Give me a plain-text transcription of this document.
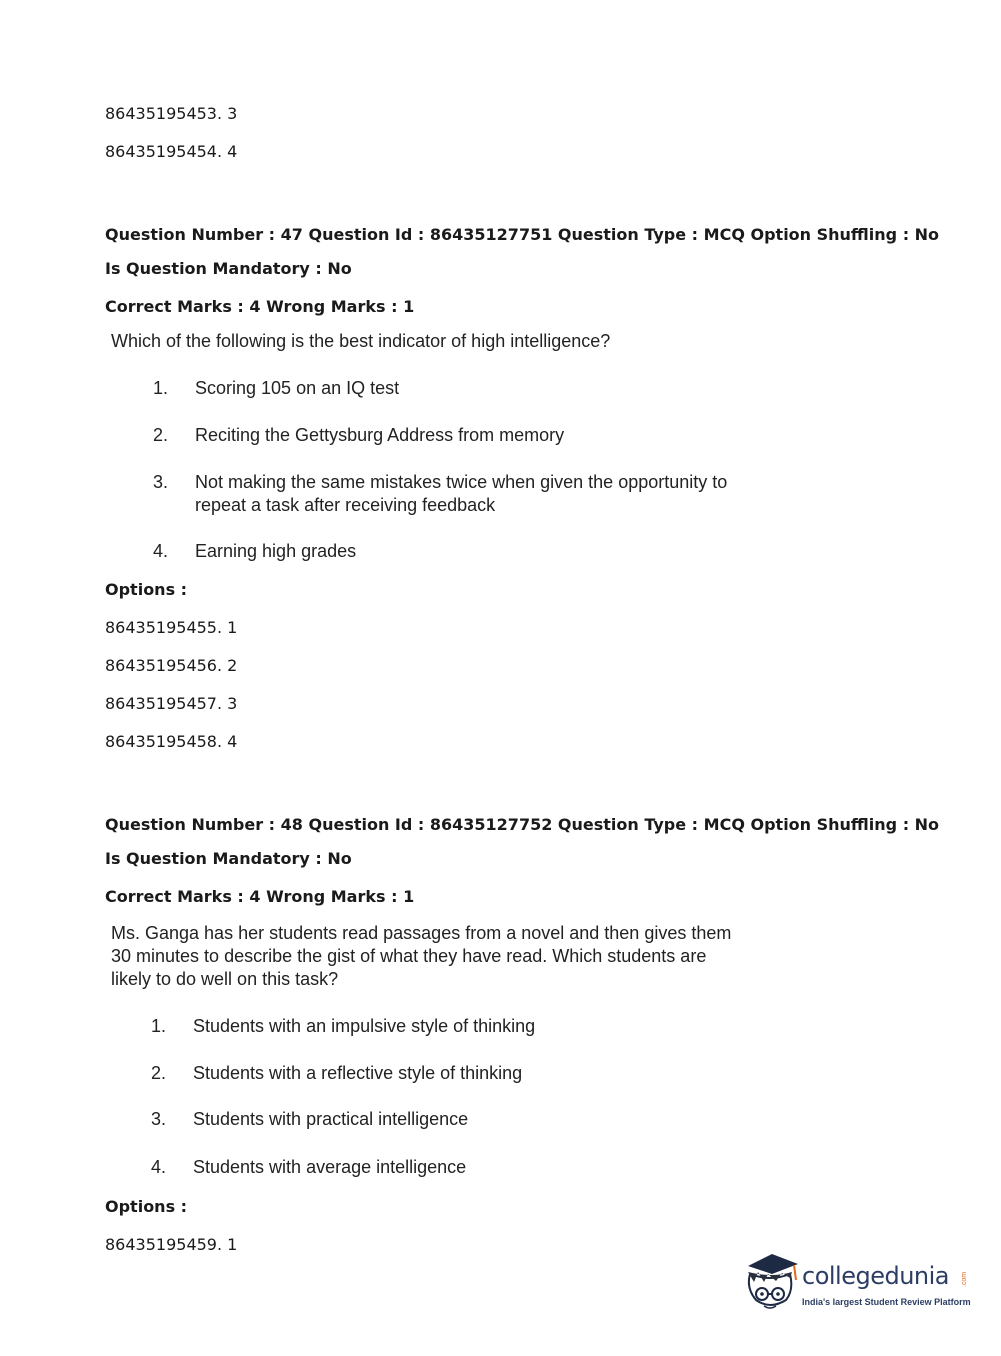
86435195453. 3
86435195454. 4
Question Number : 47 Question Id : 86435127751 Question Type : MCQ Option Shuffling : No
Is Question Mandatory : No
Correct Marks : 4 Wrong Marks : 1
Which of the following is the best indicator of high intelligence?
1.	Scoring 105 on an IQ test
2.	Reciting the Gettysburg Address from memory
3.	Not making the same mistakes twice when given the opportunity to
repeat a task after receiving feedback
4.	Earning high grades
Options :
86435195455. 1
86435195456. 2
86435195457. 3
86435195458. 4
Question Number : 48 Question Id : 86435127752 Question Type : MCQ Option Shuffling : No
Is Question Mandatory : No
Correct Marks : 4 Wrong Marks : 1
Ms. Ganga has her students read passages from a novel and then gives them
30 minutes to describe the gist of what they have read. Which students are
likely to do well on this task?
1.	Students with an impulsive style of thinking
2.	Students with a reflective style of thinking
3.	Students with practical intelligence
4.	Students with average intelligence
Options :
86435195459. 1
collegedunia .com
India's largest Student Review Platform
